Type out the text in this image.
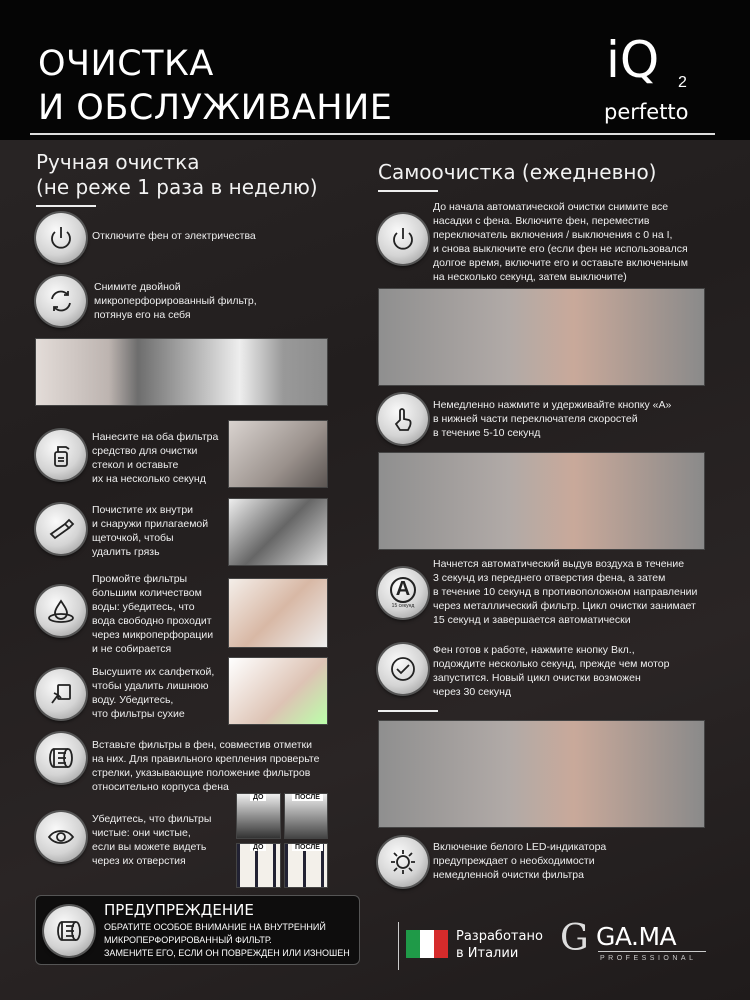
ОЧИСТКА
И ОБСЛУЖИВАНИЕ
iQ 2
perfetto
Ручная очистка
(не реже 1 раза в неделю)
Отключите фен от электричества
Снимите двойной
микроперфорированный фильтр,
потянув его на себя
Нанесите на оба фильтра
средство для очистки
стекол и оставьте
их на несколько секунд
Почистите их внутри
и снаружи прилагаемой
щеточкой, чтобы
удалить грязь
Промойте фильтры
большим количеством
воды: убедитесь, что
вода свободно проходит
через микроперфорации
и не собирается
Высушите их салфеткой,
чтобы удалить лишнюю
воду. Убедитесь,
что фильтры сухие
Вставьте фильтры в фен, совместив отметки
на них. Для правильного крепления проверьте
стрелки, указывающие положение фильтров
относительно корпуса фена
Убедитесь, что фильтры
чистые: они чистые,
если вы можете видеть
через их отверстия
ДО	ПОСЛЕ
ДО	ПОСЛЕ
ПРЕДУПРЕЖДЕНИЕ
ОБРАТИТЕ ОСОБОЕ ВНИМАНИЕ НА ВНУТРЕННИЙ
МИКРОПЕРФОРИРОВАННЫЙ ФИЛЬТР.
ЗАМЕНИТЕ ЕГО, ЕСЛИ ОН ПОВРЕЖДЕН ИЛИ ИЗНОШЕН
Самоочистка (ежедневно)
До начала автоматической очистки снимите все
насадки с фена. Включите фен, переместив
переключатель включения / выключения с 0 на I,
и снова выключите его (если фен не использовался
долгое время, включите его и оставьте включенным
на несколько секунд, затем выключите)
Немедленно нажмите и удерживайте кнопку «A»
в нижней части переключателя скоростей
в течение 5-10 секунд
A
15 секунд
Начнется автоматический выдув воздуха в течение
3 секунд из переднего отверстия фена, а затем
в течение 10 секунд в противоположном направлении
через металлический фильтр. Цикл очистки занимает
15 секунд и завершается автоматически
Фен готов к работе, нажмите кнопку Вкл.,
подождите несколько секунд, прежде чем мотор
запустится. Новый цикл очистки возможен
через 30 секунд
Включение белого LED-индикатора
предупреждает о необходимости
немедленной очистки фильтра
Разработано
в Италии	G GA.MA
PROFESSIONAL
